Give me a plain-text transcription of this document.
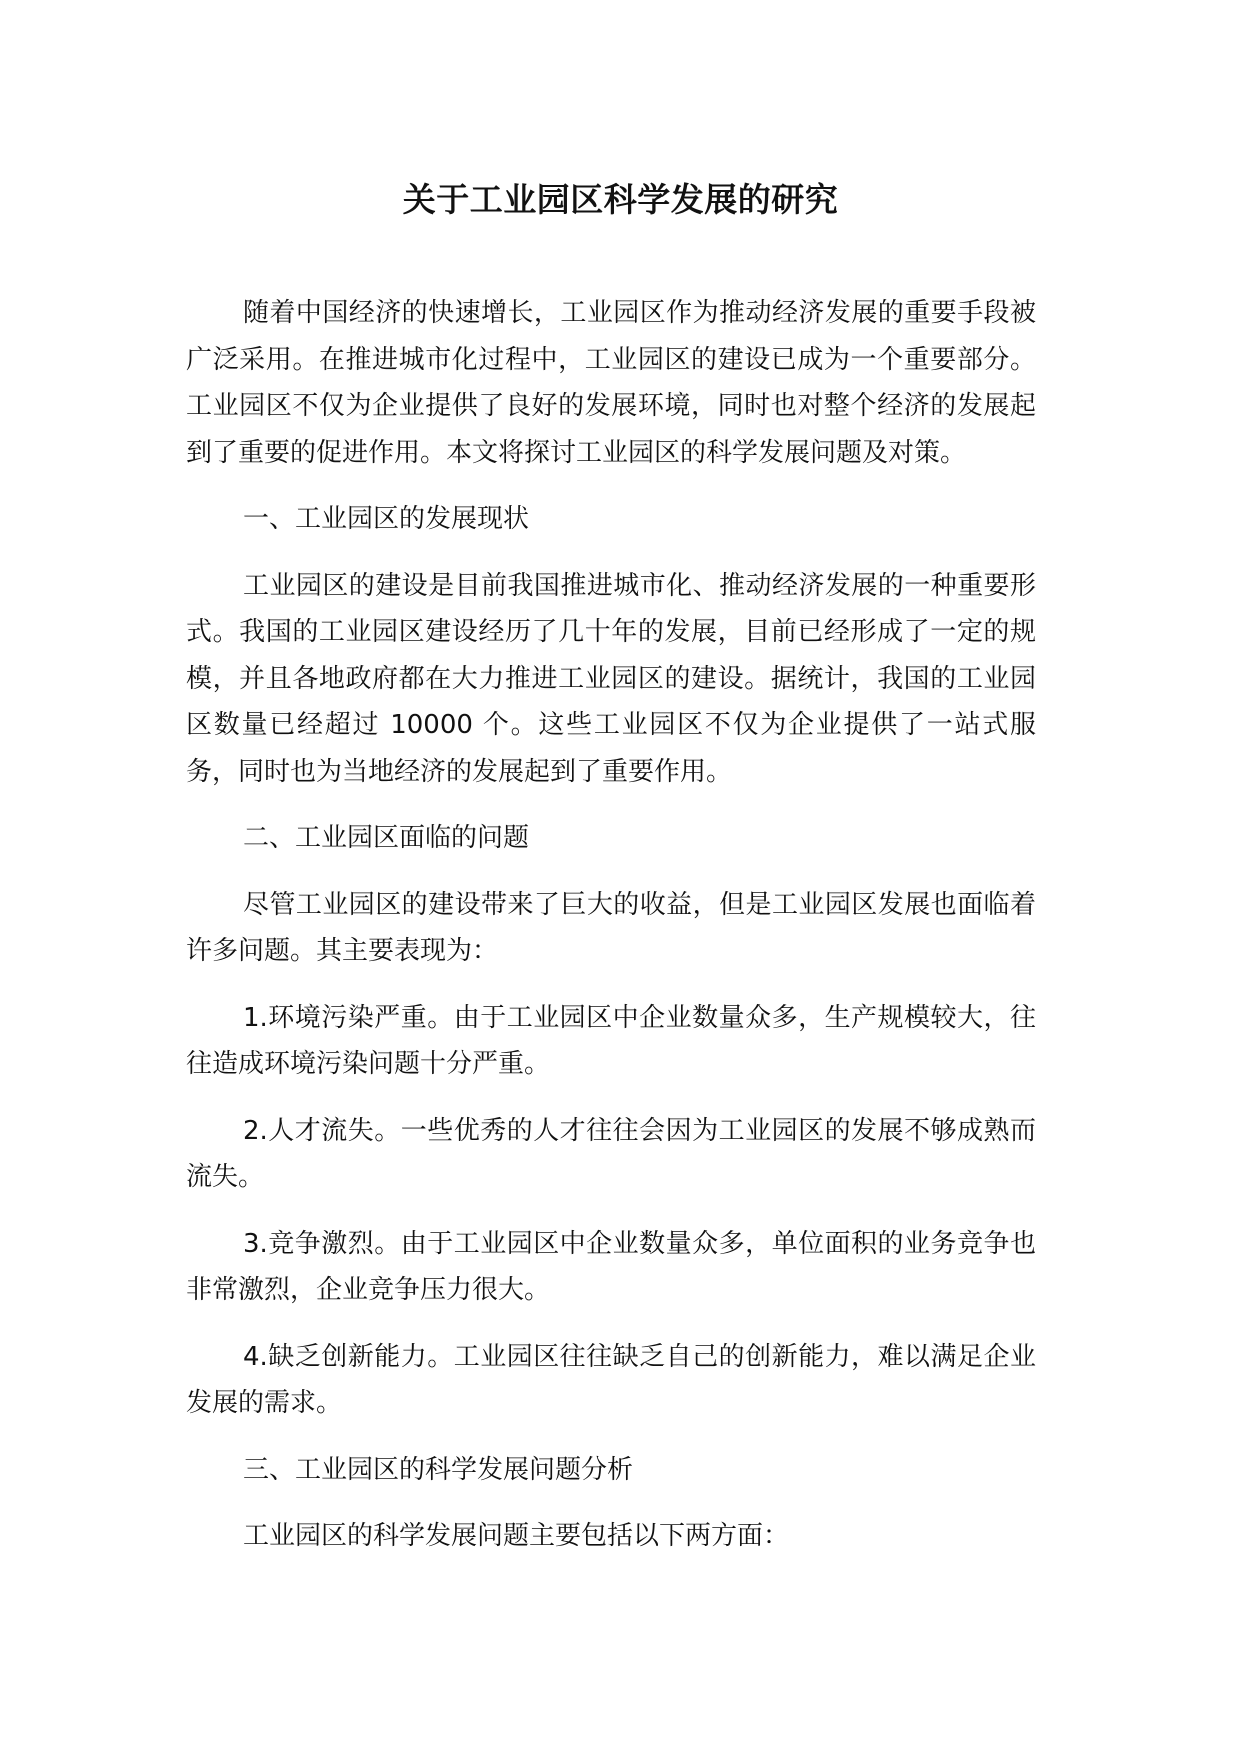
关于工业园区科学发展的研究

随着中国经济的快速增长，工业园区作为推动经济发展的重要手段被广泛采用。在推进城市化过程中，工业园区的建设已成为一个重要部分。工业园区不仅为企业提供了良好的发展环境，同时也对整个经济的发展起到了重要的促进作用。本文将探讨工业园区的科学发展问题及对策。

一、工业园区的发展现状

工业园区的建设是目前我国推进城市化、推动经济发展的一种重要形式。我国的工业园区建设经历了几十年的发展，目前已经形成了一定的规模，并且各地政府都在大力推进工业园区的建设。据统计，我国的工业园区数量已经超过 10000 个。这些工业园区不仅为企业提供了一站式服务，同时也为当地经济的发展起到了重要作用。

二、工业园区面临的问题

尽管工业园区的建设带来了巨大的收益，但是工业园区发展也面临着许多问题。其主要表现为：

1.环境污染严重。由于工业园区中企业数量众多，生产规模较大，往往造成环境污染问题十分严重。

2.人才流失。一些优秀的人才往往会因为工业园区的发展不够成熟而流失。

3.竞争激烈。由于工业园区中企业数量众多，单位面积的业务竞争也非常激烈，企业竞争压力很大。

4.缺乏创新能力。工业园区往往缺乏自己的创新能力，难以满足企业发展的需求。

三、工业园区的科学发展问题分析

工业园区的科学发展问题主要包括以下两方面：
